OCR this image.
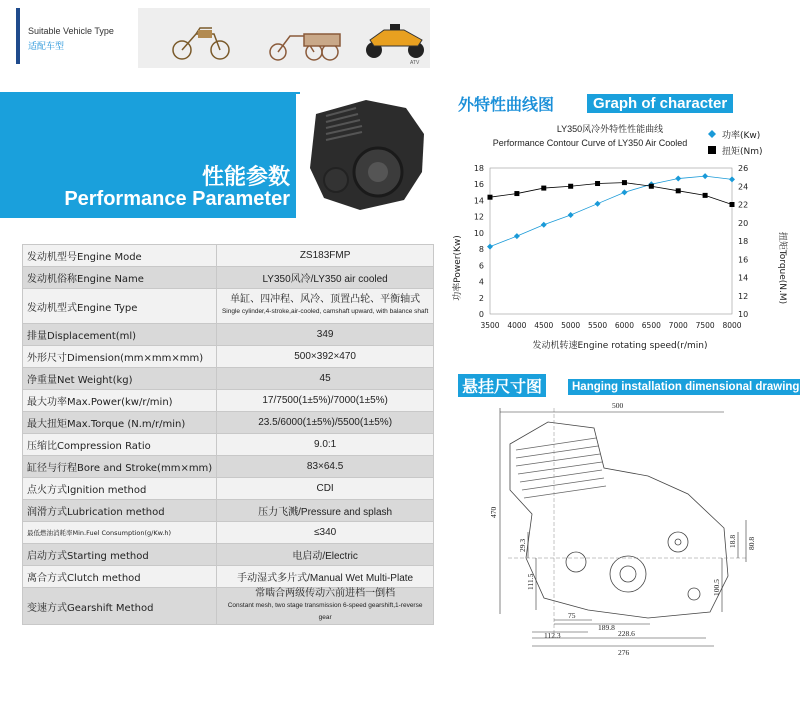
Suitable Vehicle Type
适配车型
ATV
性能参数
Performance Parameter
发动机型号Engine Mode	ZS183FMP
发动机俗称Engine Name	LY350风冷/LY350 air cooled
发动机型式Engine Type	单缸、四冲程、风冷、顶置凸轮、平衡轴式
Single cylinder,4-stroke,air-cooled, camshaft upward, with balance shaft

排量Displacement(ml)	349
外形尺寸Dimension(mm×mm×mm)	500×392×470
净重量Net Weight(kg)	45
最大功率Max.Power(kw/r/min)	17/7500(1±5%)/7000(1±5%)
最大扭矩Max.Torque (N.m/r/min)	23.5/6000(1±5%)/5500(1±5%)
压缩比Compression Ratio	9.0:1
缸径与行程Bore and Stroke(mm×mm)	83×64.5
点火方式Ignition method	CDI
润滑方式Lubrication method	压力飞溅/Pressure and splash
最低燃油消耗率Min.Fuel Consumption(g/Kw.h)	≤340
启动方式Starting method	电启动/Electric
离合方式Clutch method	手动湿式多片式/Manual Wet Multi-Plate
变速方式Gearshift Method	常啮合两级传动六前进档一倒档
Constant mesh, two stage transmission 6-speed gearshift,1-reverse gear
外特性曲线图	Graph of character
LY350风冷外特性性能曲线
Performance Contour Curve of LY350 Air Cooled
功率(Kw)
扭矩(Nm)
功率Power(Kw)	扭矩Torque(N.M)
发动机转速Engine rotating speed(r/min)
0
2
4
6
8
10
12
14
16
18
10
12
14
16
18
20
22
24
26
3500 4000 4500 5000 5500 6000 6500 7000 7500 8000
悬挂尺寸图	Hanging installation dimensional drawing
500
470
29.3
111.5
18.8 80.8
100.5
75
189.8
112.3	228.6
276
